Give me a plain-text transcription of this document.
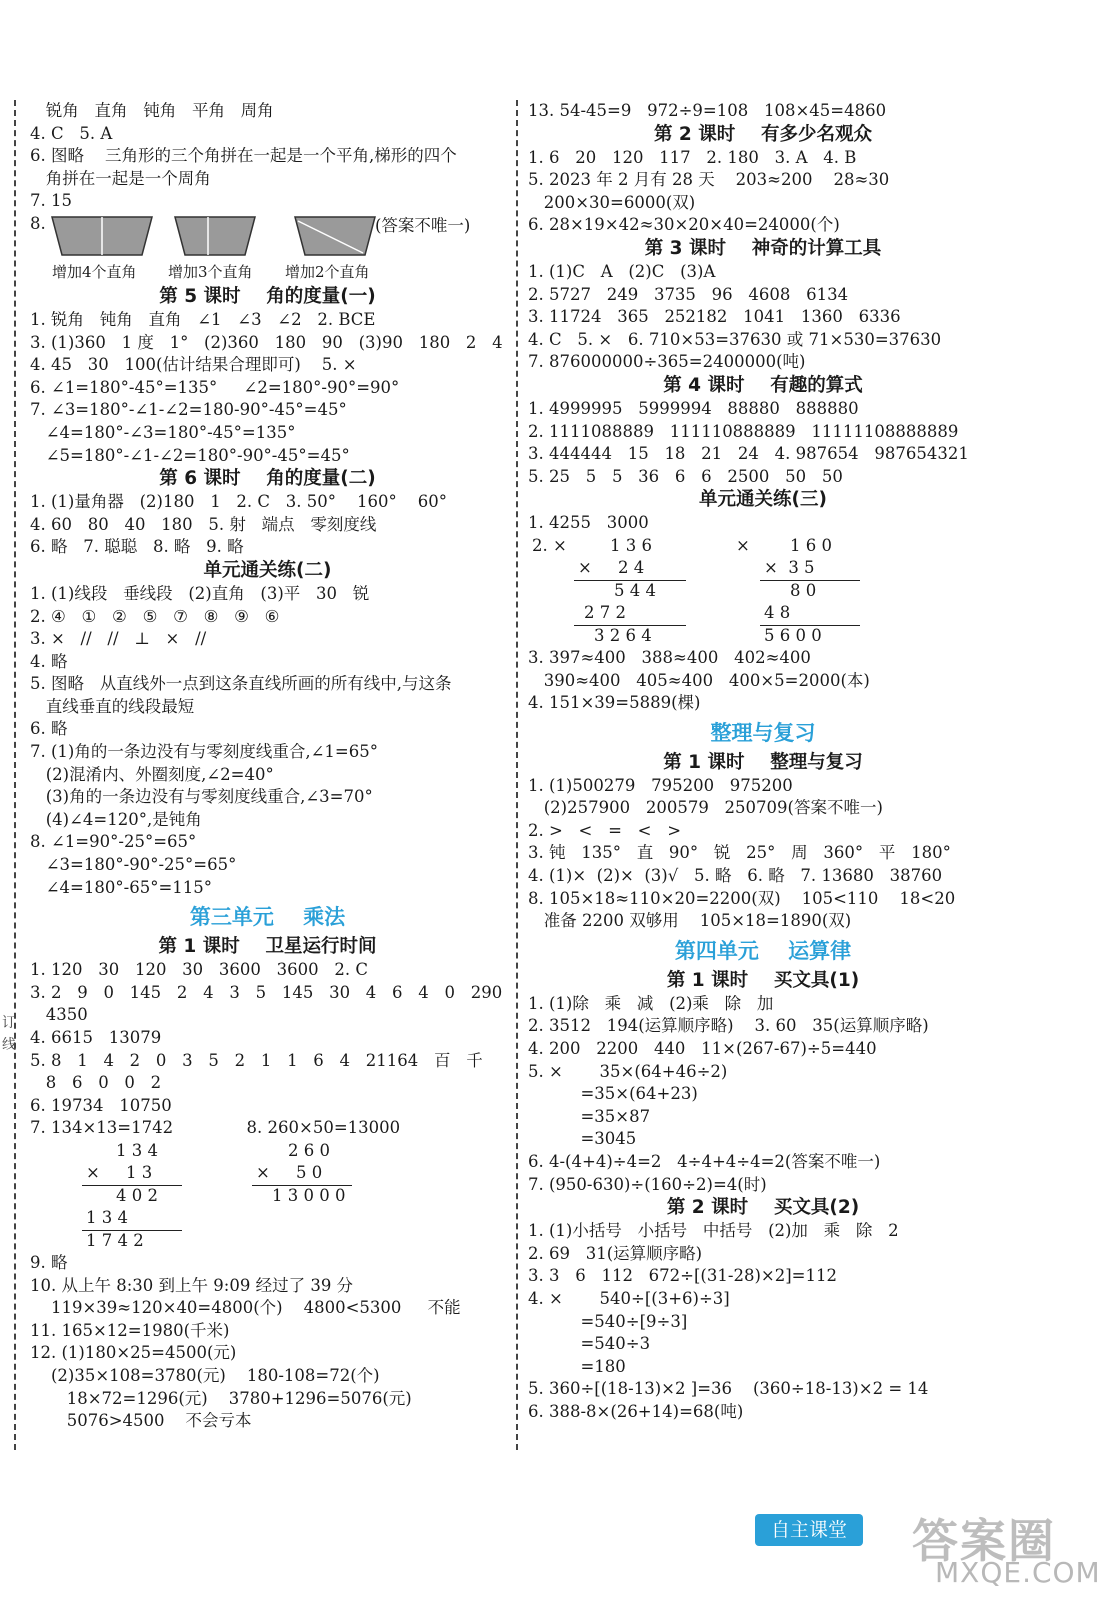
订
线
锐角   直角   钝角   平角   周角
4. C   5. A
6. 图略    三角形的三个角拼在一起是一个平角,梯形的四个
角拼在一起是一个周角
7. 15
8.	(答案不唯一)
增加4个直角 增加3个直角 增加2个直角
第 5 课时    角的度量(一)
1. 锐角   钝角   直角   ∠1   ∠3   ∠2   2. BCE
3. (1)360   1 度   1°   (2)360   180   90   (3)90   180   2   4
4. 45   30   100(估计结果合理即可)    5. ×
6. ∠1=180°-45°=135°     ∠2=180°-90°=90°
7. ∠3=180°-∠1-∠2=180-90°-45°=45°
∠4=180°-∠3=180°-45°=135°
∠5=180°-∠1-∠2=180°-90°-45°=45°
第 6 课时    角的度量(二)
1. (1)量角器   (2)180   1   2. C   3. 50°    160°    60°
4. 60   80   40   180   5. 射   端点   零刻度线
6. 略   7. 聪聪   8. 略   9. 略
单元通关练(二)
1. (1)线段   垂线段   (2)直角   (3)平   30   锐
2. ④   ①   ②   ⑤   ⑦   ⑧   ⑨   ⑥
3. ×   //   //   ⊥   ×   //
4. 略
5. 图略   从直线外一点到这条直线所画的所有线中,与这条
直线垂直的线段最短
6. 略
7. (1)角的一条边没有与零刻度线重合,∠1=65°
(2)混淆内、外圈刻度,∠2=40°
(3)角的一条边没有与零刻度线重合,∠3=70°
(4)∠4=120°,是钝角
8. ∠1=90°-25°=65°
∠3=180°-90°-25°=65°
∠4=180°-65°=115°
第三单元    乘法
第 1 课时    卫星运行时间
1. 120   30   120   30   3600   3600   2. C
3. 2   9   0   145   2   4   3   5   145   30   4   6   4   0   290
4350
4. 6615   13079
5. 8   1   4   2   0   3   5   2   1   1   6   4   21164   百   千
8   6   0   0   2
6. 19734   10750
7. 134×13=1742              8. 260×50=13000
1 3 4
×     1 3
4 0 2
1 3 4
1 7 4 2
2 6 0
×     5 0
1 3 0 0 0
9. 略
10. 从上午 8:30 到上午 9:09 经过了 39 分
119×39≈120×40=4800(个)    4800<5300     不能
11. 165×12=1980(千米)
12. (1)180×25=4500(元)
(2)35×108=3780(元)    180-108=72(个)
18×72=1296(元)    3780+1296=5076(元)
5076>4500    不会亏本
13. 54-45=9   972÷9=108   108×45=4860
第 2 课时    有多少名观众
1. 6   20   120   117   2. 180   3. A   4. B
5. 2023 年 2 月有 28 天    203≈200    28≈30
200×30=6000(双)
6. 28×19×42≈30×20×40=24000(个)
第 3 课时    神奇的计算工具
1. (1)C   A   (2)C   (3)A
2. 5727   249   3735   96   4608   6134
3. 11724   365   252182   1041   1360   6336
4. C   5. ×   6. 710×53=37630 或 71×530=37630
7. 876000000÷365=2400000(吨)
第 4 课时    有趣的算式
1. 4999995   5999994   88880   888880
2. 1111088889   111110888889   11111108888889
3. 444444   15   18   21   24   4. 987654   987654321
5. 25   5   5   36   6   6   2500   50   50
单元通关练(三)
1. 4255   3000
2. ×	1 3 6
×     2 4
5 4 4
2 7 2
3 2 6 4
× 1 6 0
×  3 5
8 0
4 8
5 6 0 0
3. 397≈400   388≈400   402≈400
390≈400   405≈400   400×5=2000(本)
4. 151×39=5889(棵)
整理与复习
第 1 课时    整理与复习
1. (1)500279   795200   975200
(2)257900   200579   250709(答案不唯一)
2. >   <   =   <   >
3. 钝   135°   直   90°   锐   25°   周   360°   平   180°
4. (1)×  (2)×  (3)√   5. 略   6. 略   7. 13680   38760
8. 105×18≈110×20=2200(双)    105<110    18<20
准备 2200 双够用    105×18=1890(双)
第四单元    运算律
第 1 课时    买文具(1)
1. (1)除   乘   减   (2)乘   除   加
2. 3512   194(运算顺序略)    3. 60   35(运算顺序略)
4. 200   2200   440   11×(267-67)÷5=440
5. ×       35×(64+46÷2)
=35×(64+23)
=35×87
=3045
6. 4-(4+4)÷4=2   4÷4+4÷4=2(答案不唯一)
7. (950-630)÷(160÷2)=4(时)
第 2 课时    买文具(2)
1. (1)小括号   小括号   中括号   (2)加   乘   除   2
2. 69   31(运算顺序略)
3. 3   6   112   672÷[(31-28)×2]=112
4. ×       540÷[(3+6)÷3]
=540÷[9÷3]
=540÷3
=180
5. 360÷[(18-13)×2 ]=36    (360÷18-13)×2 = 14
6. 388-8×(26+14)=68(吨)
自主课堂	答案圈
MXQE.COM
